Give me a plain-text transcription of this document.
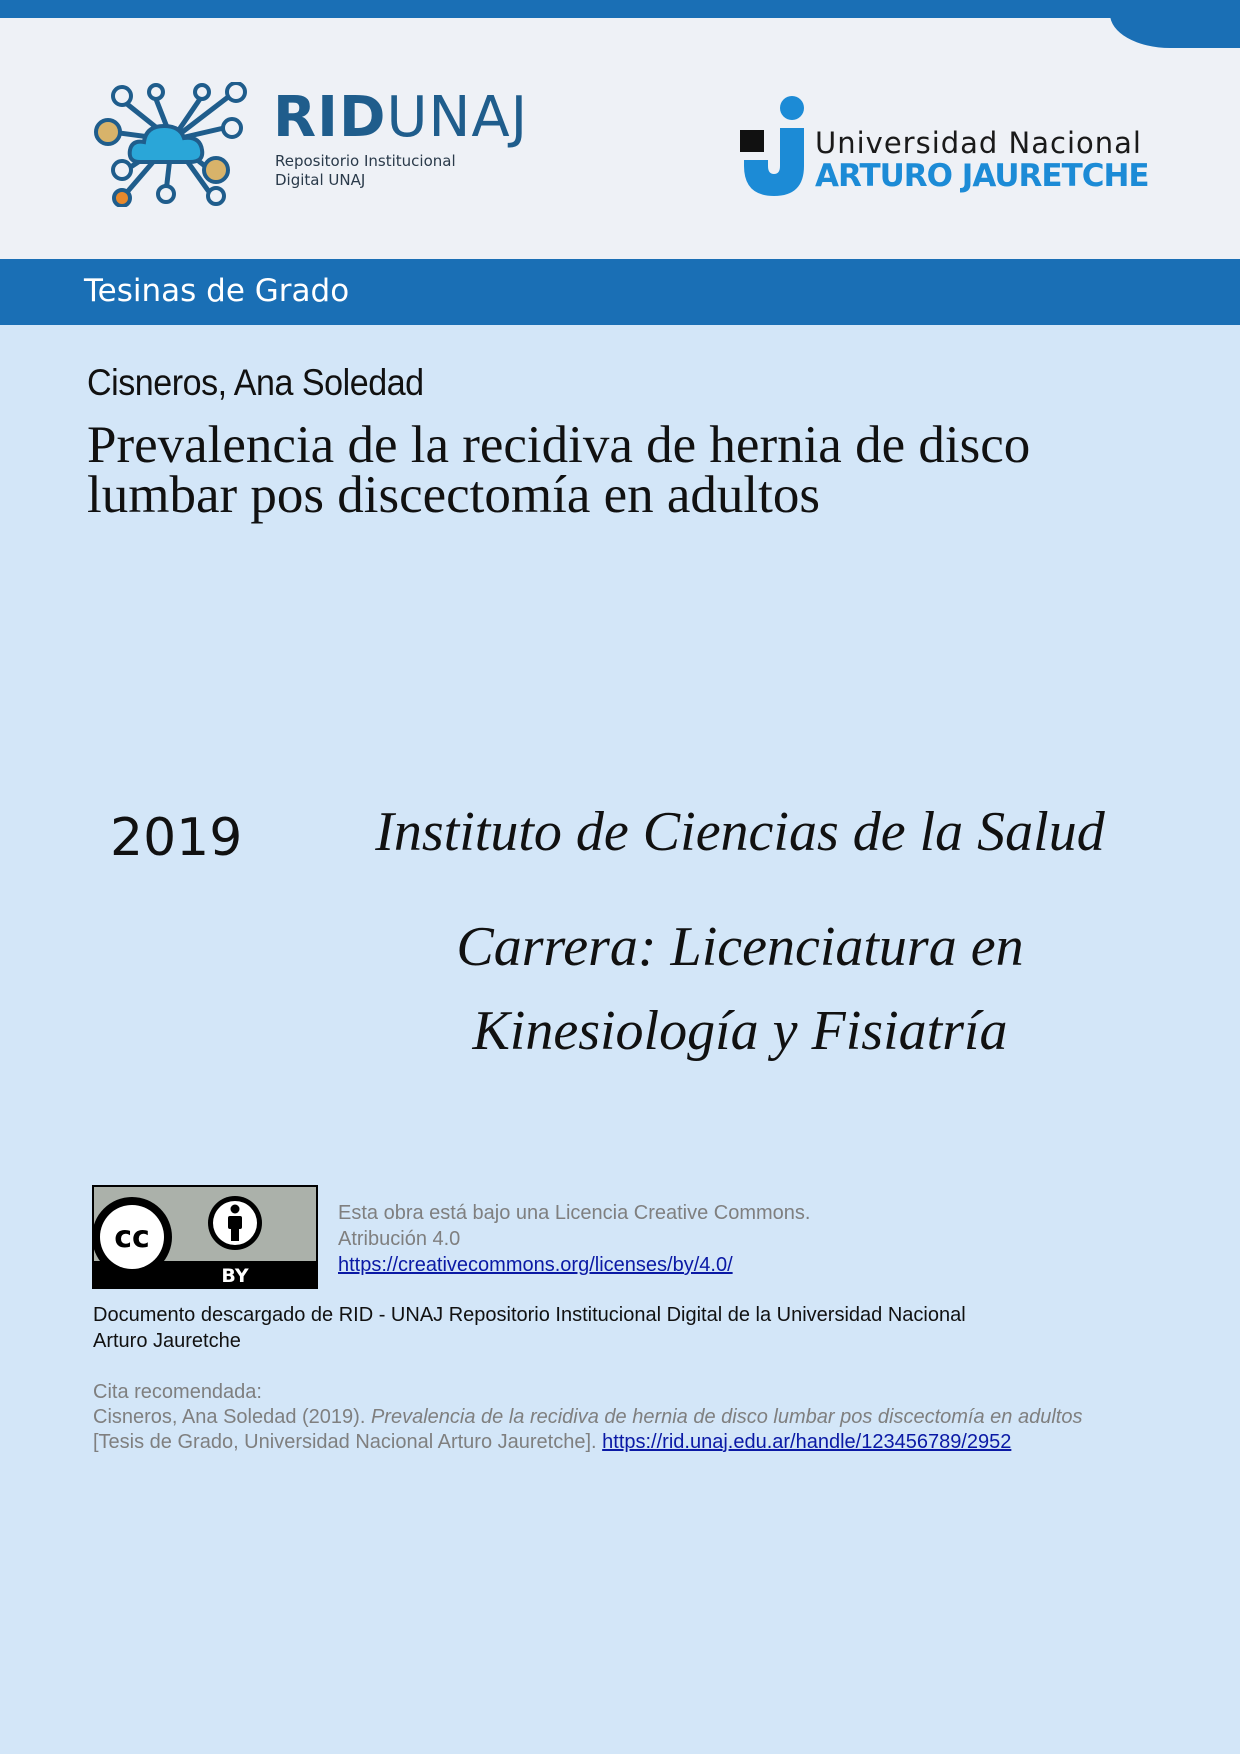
RIDUNAJ
Repositorio Institucional
Digital UNAJ
Universidad Nacional
ARTURO JAURETCHE
Tesinas de Grado
Cisneros, Ana Soledad
Prevalencia de la recidiva de hernia de disco lumbar pos discectomía en adultos
2019	Instituto de Ciencias de la Salud
Carrera: Licenciatura en Kinesiología y Fisiatría
cc
BY
Esta obra está bajo una Licencia Creative Commons.
Atribución 4.0
https://creativecommons.org/licenses/by/4.0/
Documento descargado de RID - UNAJ Repositorio Institucional Digital de la Universidad Nacional Arturo Jauretche
Cita recomendada:
Cisneros, Ana Soledad (2019). Prevalencia de la recidiva de hernia de disco lumbar pos discectomía en adultos
[Tesis de Grado, Universidad Nacional Arturo Jauretche]. https://rid.unaj.edu.ar/handle/123456789/2952
